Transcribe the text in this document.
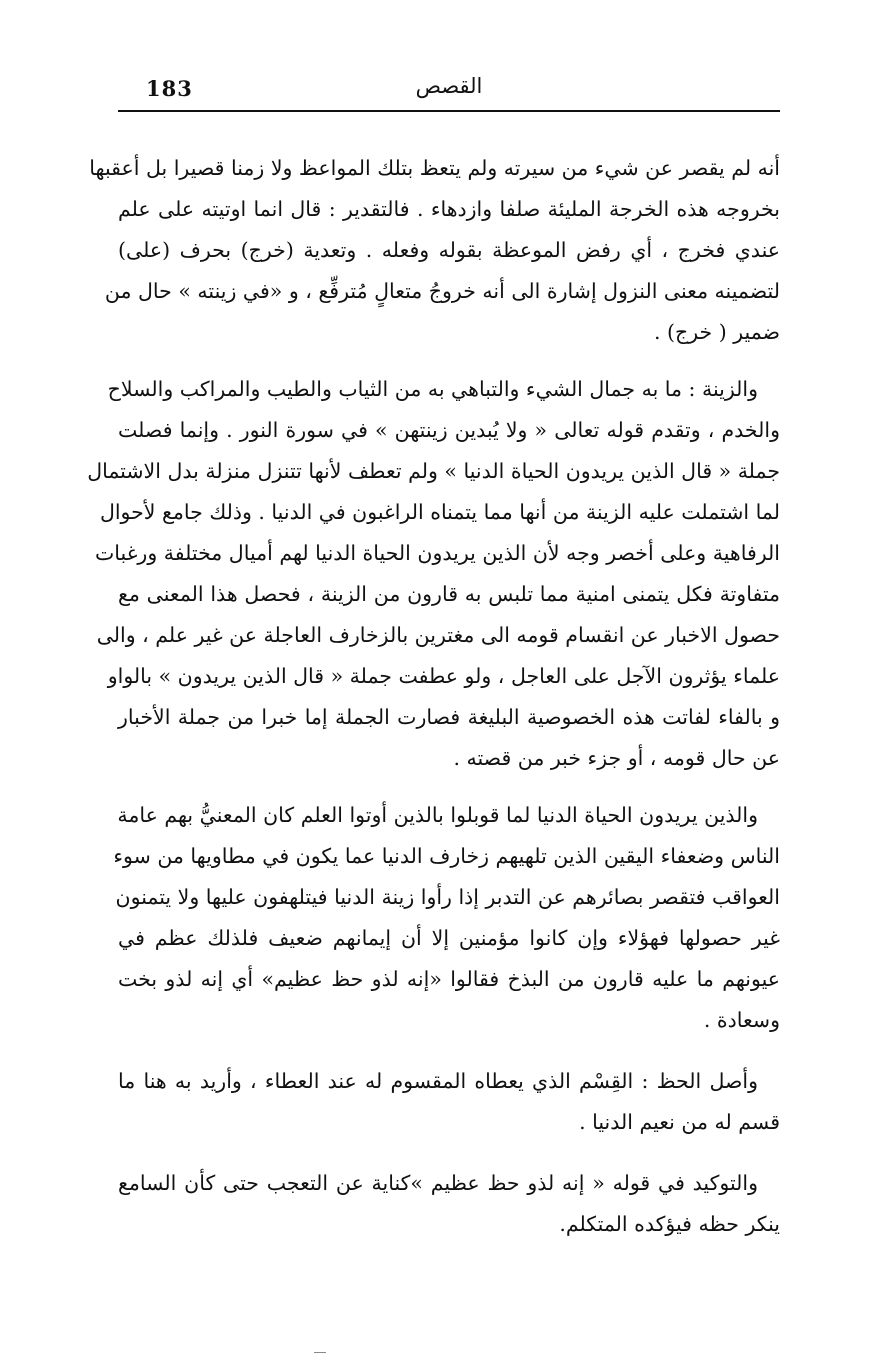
183	القصص

أنه لم يقصر عن شيء من سيرته ولم يتعظ بتلك المواعظ ولا زمنا قصيرا بل أعقبها
بخروجه هذه الخرجة المليئة صلفا وازدهاء . فالتقدير : قال انما اوتيته على علم
عندي فخرج ، أي رفض الموعظة بقوله وفعله . وتعدية (خرج) بحرف (على)
لتضمينه معنى النزول إشارة الى أنه خروجُ متعالٍ مُترفِّع ، و «في زينته » حال من
ضمير ( خرج) .

والزينة : ما به جمال الشيء والتباهي به من الثياب والطيب والمراكب والسلاح
والخدم ، وتقدم قوله تعالى « ولا يُبدين زينتهن » في سورة النور . وإنما فصلت
جملة « قال الذين يريدون الحياة الدنيا » ولم تعطف لأنها تتنزل منزلة بدل الاشتمال
لما اشتملت عليه الزينة من أنها مما يتمناه الراغبون في الدنيا . وذلك جامع لأحوال
الرفاهية وعلى أخصر وجه لأن الذين يريدون الحياة الدنيا لهم أميال مختلفة ورغبات
متفاوتة فكل يتمنى امنية مما تلبس به قارون من الزينة ، فحصل هذا المعنى مع
حصول الاخبار عن انقسام قومه الى مغترين بالزخارف العاجلة عن غير علم ، والى
علماء يؤثرون الآجل على العاجل ، ولو عطفت جملة « قال الذين يريدون » بالواو
و بالفاء لفاتت هذه الخصوصية البليغة فصارت الجملة إما خبرا من جملة الأخبار
عن حال قومه ، أو جزء خبر من قصته .

والذين يريدون الحياة الدنيا لما قوبلوا بالذين أوتوا العلم كان المعنيُّ بهم عامة
الناس وضعفاء اليقين الذين تلهيهم زخارف الدنيا عما يكون في مطاويها من سوء
العواقب فتقصر بصائرهم عن التدبر إذا رأوا زينة الدنيا فيتلهفون عليها ولا يتمنون
غير حصولها فهؤلاء وإن كانوا مؤمنين إلا أن إيمانهم ضعيف فلذلك عظم في
عيونهم ما عليه قارون من البذخ فقالوا «إنه لذو حظ عظيم» أي إنه لذو بخت
وسعادة .

وأصل الحظ : القِسْم الذي يعطاه المقسوم له عند العطاء ، وأريد به هنا ما
قسم له من نعيم الدنيا .

والتوكيد في قوله « إنه لذو حظ عظيم »كناية عن التعجب حتى كأن السامع
ينكر حظه فيؤكده المتكلم.
